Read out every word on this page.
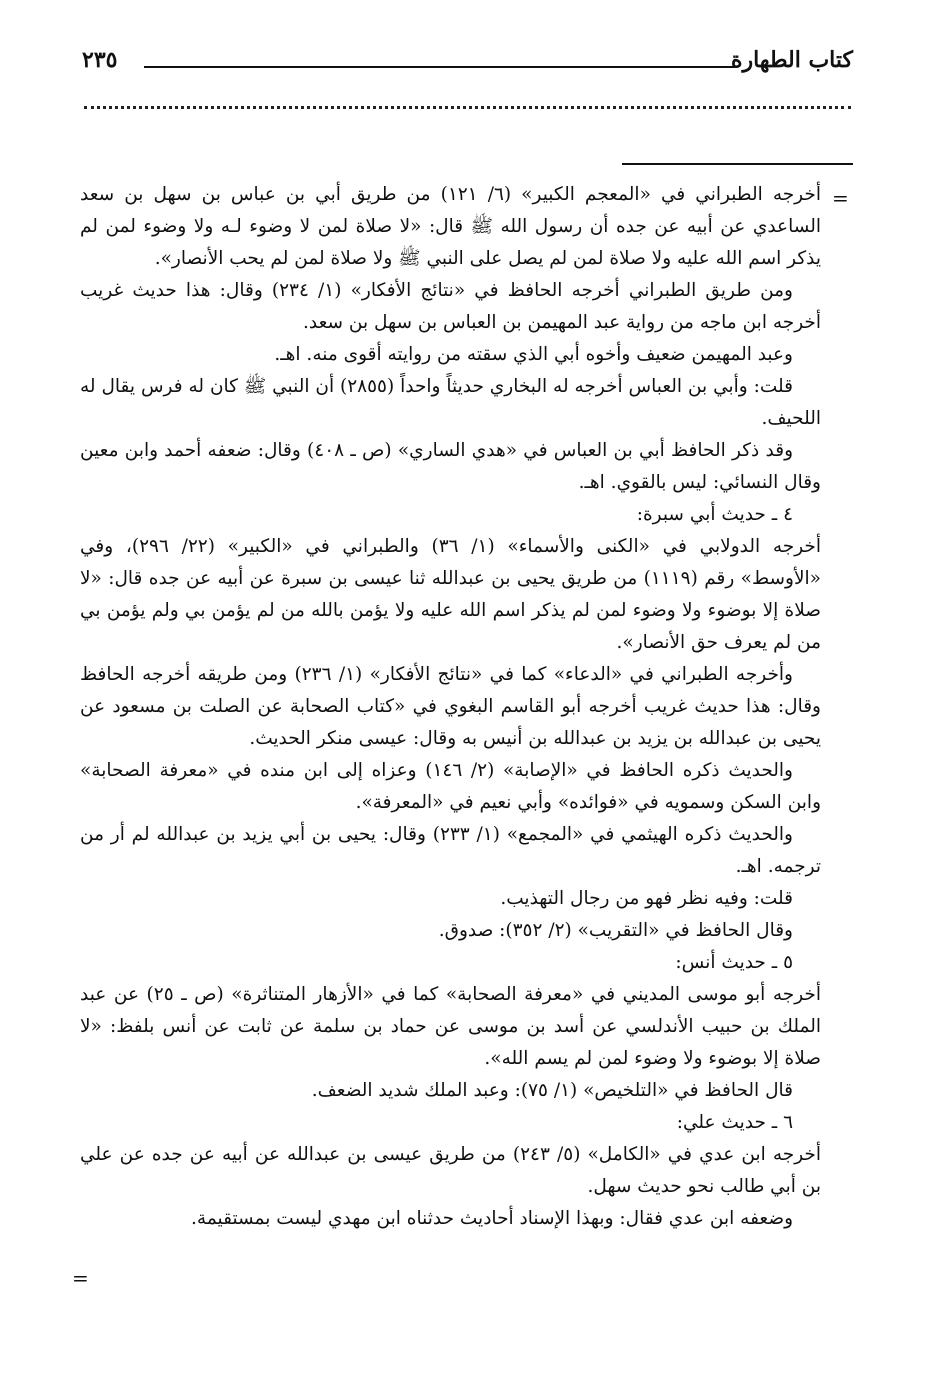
كتاب الطهارة
٢٣٥
=
=

أخرجه الطبراني في «المعجم الكبير» (٦/ ١٢١) من طريق أبي بن عباس بن سهل بن سعد الساعدي عن أبيه عن جده أن رسول الله ﷺ قال: «لا صلاة لمن لا وضوء لـه ولا وضوء لمن لم يذكر اسم الله عليه ولا صلاة لمن لم يصل على النبي ﷺ ولا صلاة لمن لم يحب الأنصار».

ومن طريق الطبراني أخرجه الحافظ في «نتائج الأفكار» (١/ ٢٣٤) وقال: هذا حديث غريب أخرجه ابن ماجه من رواية عبد المهيمن بن العباس بن سهل بن سعد.

وعبد المهيمن ضعيف وأخوه أبي الذي سقته من روايته أقوى منه. اهـ.

قلت: وأبي بن العباس أخرجه له البخاري حديثاً واحداً (٢٨٥٥) أن النبي ﷺ كان له فرس يقال له اللحيف.

وقد ذكر الحافظ أبي بن العباس في «هدي الساري» (ص ـ ٤٠٨) وقال: ضعفه أحمد وابن معين وقال النسائي: ليس بالقوي. اهـ.

٤ ـ حديث أبي سبرة:

أخرجه الدولابي في «الكنى والأسماء» (١/ ٣٦) والطبراني في «الكبير» (٢٢/ ٢٩٦)، وفي «الأوسط» رقم (١١١٩) من طريق يحيى بن عبدالله ثنا عيسى بن سبرة عن أبيه عن جده قال: «لا صلاة إلا بوضوء ولا وضوء لمن لم يذكر اسم الله عليه ولا يؤمن بالله من لم يؤمن بي ولم يؤمن بي من لم يعرف حق الأنصار».

وأخرجه الطبراني في «الدعاء» كما في «نتائج الأفكار» (١/ ٢٣٦) ومن طريقه أخرجه الحافظ وقال: هذا حديث غريب أخرجه أبو القاسم البغوي في «كتاب الصحابة عن الصلت بن مسعود عن يحيى بن عبدالله بن يزيد بن عبدالله بن أنيس به وقال: عيسى منكر الحديث.

والحديث ذكره الحافظ في «الإصابة» (٢/ ١٤٦) وعزاه إلى ابن منده في «معرفة الصحابة» وابن السكن وسمويه في «فوائده» وأبي نعيم في «المعرفة».

والحديث ذكره الهيثمي في «المجمع» (١/ ٢٣٣) وقال: يحيى بن أبي يزيد بن عبدالله لم أر من ترجمه. اهـ.

قلت: وفيه نظر فهو من رجال التهذيب.

وقال الحافظ في «التقريب» (٢/ ٣٥٢): صدوق.

٥ ـ حديث أنس:

أخرجه أبو موسى المديني في «معرفة الصحابة» كما في «الأزهار المتناثرة» (ص ـ ٢٥) عن عبد الملك بن حبيب الأندلسي عن أسد بن موسى عن حماد بن سلمة عن ثابت عن أنس بلفظ: «لا صلاة إلا بوضوء ولا وضوء لمن لم يسم الله».

قال الحافظ في «التلخيص» (١/ ٧٥): وعبد الملك شديد الضعف.

٦ ـ حديث علي:

أخرجه ابن عدي في «الكامل» (٥/ ٢٤٣) من طريق عيسى بن عبدالله عن أبيه عن جده عن علي بن أبي طالب نحو حديث سهل.

وضعفه ابن عدي فقال: وبهذا الإسناد أحاديث حدثناه ابن مهدي ليست بمستقيمة.
